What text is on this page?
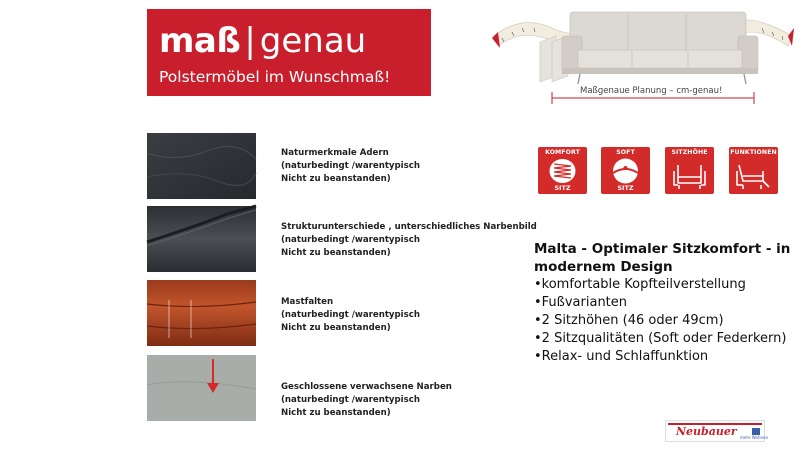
maß | genau
Polstermöbel im Wunschmaß!
Maßgenaue Planung – cm-genau!
Naturmerkmale Adern
(naturbedingt /warentypisch
Nicht zu beanstanden)
Strukturunterschiede , unterschiedliches Narbenbild
(naturbedingt /warentypisch
Nicht zu beanstanden)
Mastfalten
(naturbedingt /warentypisch
Nicht zu beanstanden)
Geschlossene verwachsene Narben
(naturbedingt /warentypisch
Nicht zu beanstanden)
KOMFORT
SITZ
SOFT
SITZ
SITZHÖHE	FUNKTIONEN
Malta - Optimaler Sitzkomfort - in
modernem Design
•komfortable Kopfteilverstellung
•Fußvarianten
•2 Sitzhöhen (46 oder 49cm)
•2 Sitzqualitäten (Soft oder Federkern)
•Relax- und Schlaffunktion
Neubauer mehr Wohnen
